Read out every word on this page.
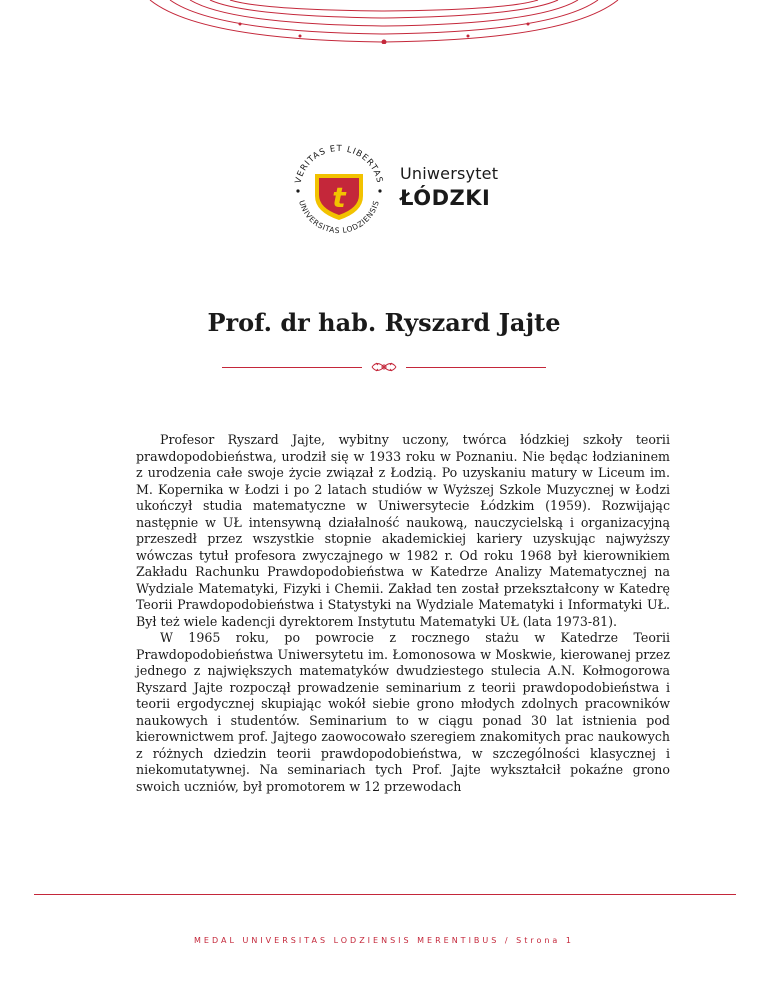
VERITAS ET LIBERTAS
UNIVERSITAS LODZIENSIS
t
Uniwersytet
ŁÓDZKI
Prof. dr hab. Ryszard Jajte

Profesor Ryszard Jajte, wybitny uczony, twórca łódzkiej szkoły teorii prawdopodobieństwa, urodził się w 1933 roku w Poznaniu. Nie będąc łodzianinem z urodzenia całe swoje życie związał z Łodzią. Po uzyskaniu matury w Liceum im. M. Kopernika w Łodzi i po 2 latach studiów w Wyższej Szkole Muzycznej w Łodzi ukończył studia matematyczne w Uniwersytecie Łódzkim (1959). Rozwijając następnie w UŁ intensywną działalność naukową, nauczycielską i organizacyjną przeszedł przez wszystkie stopnie akademickiej kariery uzyskując najwyższy wówczas tytuł profesora zwyczajnego w 1982 r. Od roku 1968 był kierownikiem Zakładu Rachunku Prawdopodobieństwa w Katedrze Analizy Matematycznej na Wydziale Matematyki, Fizyki i Chemii. Zakład ten został przekształcony w Katedrę Teorii Prawdopodobieństwa i Statystyki na Wydziale Matematyki i Informatyki UŁ. Był też wiele kadencji dyrektorem Instytutu Matematyki UŁ (lata 1973-81).

W 1965 roku, po powrocie z rocznego stażu w Katedrze Teorii Prawdopodobieństwa Uniwersytetu im. Łomonosowa w Moskwie, kierowanej przez jednego z największych matematyków dwudziestego stulecia A.N. Kołmogorowa Ryszard Jajte rozpoczął prowadzenie seminarium z teorii prawdopodobieństwa i teorii ergodycznej skupiając wokół siebie grono młodych zdolnych pracowników naukowych i studentów. Seminarium to w ciągu ponad 30 lat istnienia pod kierownictwem prof. Jajtego zaowocowało szeregiem znakomitych prac naukowych z różnych dziedzin teorii prawdopodobieństwa, w szczególności klasycznej i niekomutatywnej. Na seminariach tych Prof. Jajte wykształcił pokaźne grono swoich uczniów, był promotorem w 12 przewodach

MEDAL UNIVERSITAS LODZIENSIS MERENTIBUS / Strona 1
